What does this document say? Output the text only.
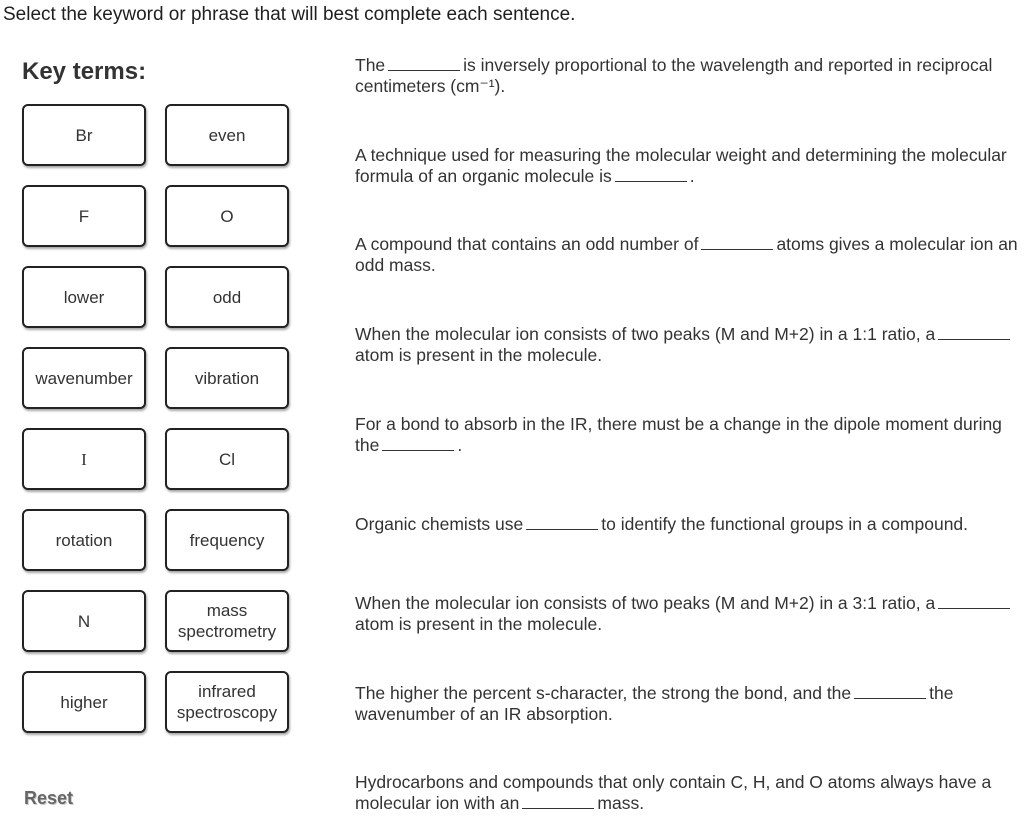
Select the keyword or phrase that will best complete each sentence.
Key terms:
Br	even
F	O
lower	odd
wavenumber	vibration
I	Cl
rotation	frequency
N
mass
spectrometry
higher
infrared
spectroscopy
Reset
The	is inversely proportional to the wavelength and reported in reciprocal centimeters (cm⁻¹).
A technique used for measuring the molecular weight and determining the molecular formula of an organic molecule is	.
A compound that contains an odd number of	atoms gives a molecular ion an odd mass.
When the molecular ion consists of two peaks (M and M+2) in a 1:1 ratio, aatom is present in the molecule.
For a bond to absorb in the IR, there must be a change in the dipole moment during the	.
Organic chemists use	to identify the functional groups in a compound.
When the molecular ion consists of two peaks (M and M+2) in a 3:1 ratio, aatom is present in the molecule.
The higher the percent s-character, the strong the bond, and the	the wavenumber of an IR absorption.
Hydrocarbons and compounds that only contain C, H, and O atoms always have a molecular ion with an	mass.
